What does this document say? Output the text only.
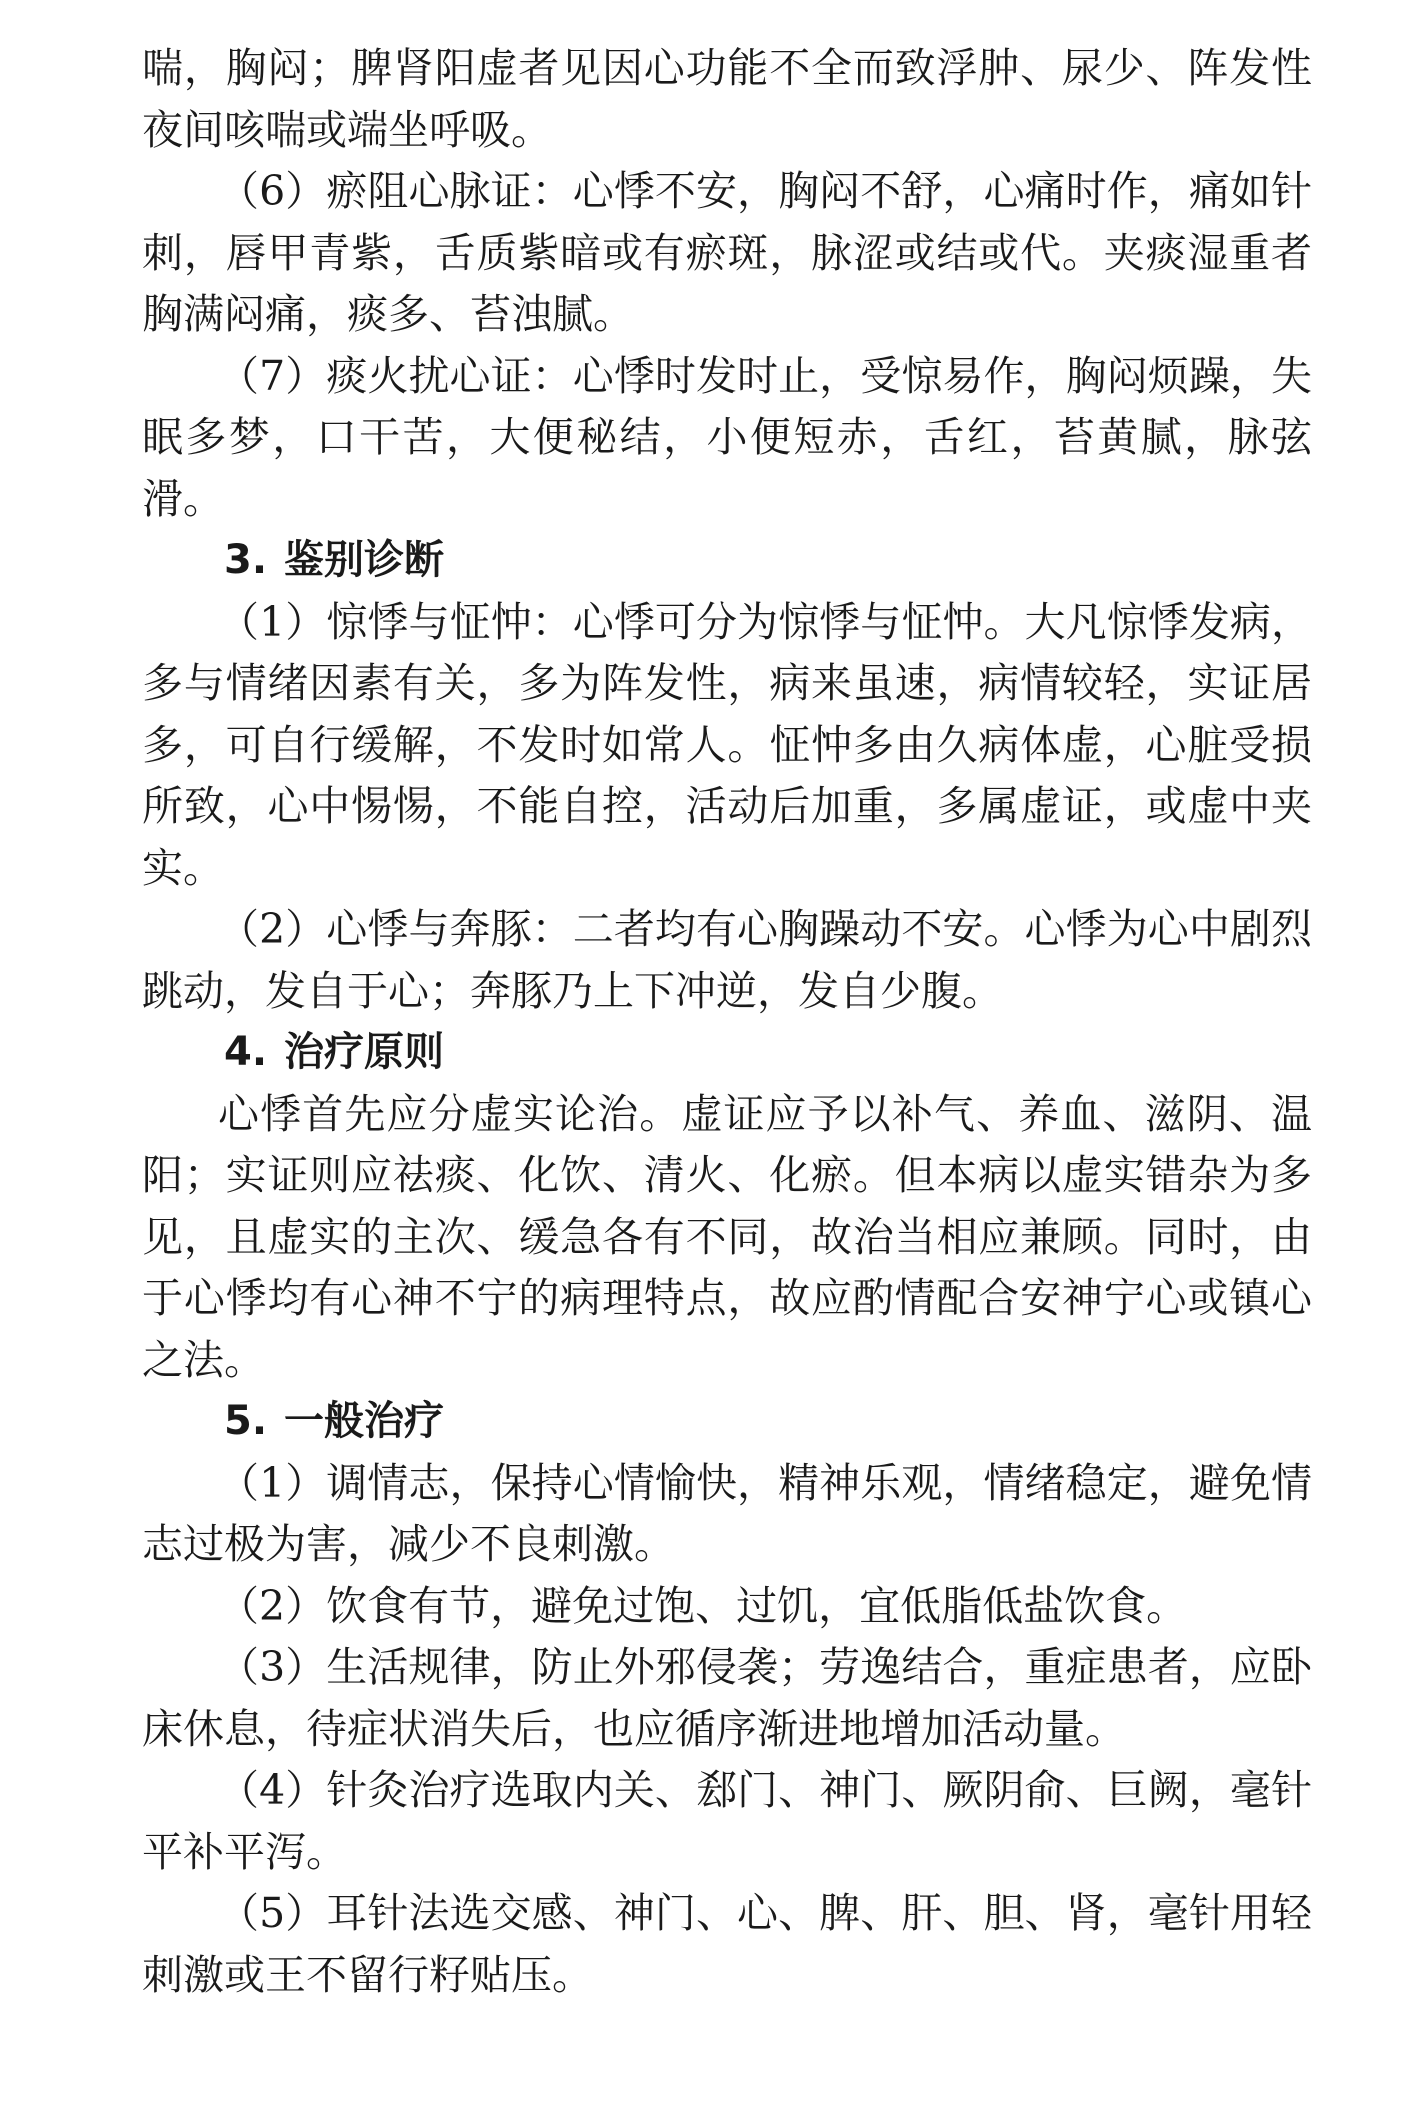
喘，胸闷；脾肾阳虚者见因心功能不全而致浮肿、尿少、阵发性夜间咳喘或端坐呼吸。

（6）瘀阻心脉证：心悸不安，胸闷不舒，心痛时作，痛如针刺，唇甲青紫，舌质紫暗或有瘀斑，脉涩或结或代。夹痰湿重者胸满闷痛，痰多、苔浊腻。

（7）痰火扰心证：心悸时发时止，受惊易作，胸闷烦躁，失眠多梦，口干苦，大便秘结，小便短赤，舌红，苔黄腻，脉弦滑。

3. 鉴别诊断

（1）惊悸与怔忡：心悸可分为惊悸与怔忡。大凡惊悸发病，多与情绪因素有关，多为阵发性，病来虽速，病情较轻，实证居多，可自行缓解，不发时如常人。怔忡多由久病体虚，心脏受损所致，心中惕惕，不能自控，活动后加重，多属虚证，或虚中夹实。

（2）心悸与奔豚：二者均有心胸躁动不安。心悸为心中剧烈跳动，发自于心；奔豚乃上下冲逆，发自少腹。

4. 治疗原则

心悸首先应分虚实论治。虚证应予以补气、养血、滋阴、温阳；实证则应祛痰、化饮、清火、化瘀。但本病以虚实错杂为多见，且虚实的主次、缓急各有不同，故治当相应兼顾。同时，由于心悸均有心神不宁的病理特点，故应酌情配合安神宁心或镇心之法。

5. 一般治疗

（1）调情志，保持心情愉快，精神乐观，情绪稳定，避免情志过极为害，减少不良刺激。

（2）饮食有节，避免过饱、过饥，宜低脂低盐饮食。

（3）生活规律，防止外邪侵袭；劳逸结合，重症患者，应卧床休息，待症状消失后，也应循序渐进地增加活动量。

（4）针灸治疗选取内关、郄门、神门、厥阴俞、巨阙，毫针平补平泻。

（5）耳针法选交感、神门、心、脾、肝、胆、肾，毫针用轻刺激或王不留行籽贴压。
